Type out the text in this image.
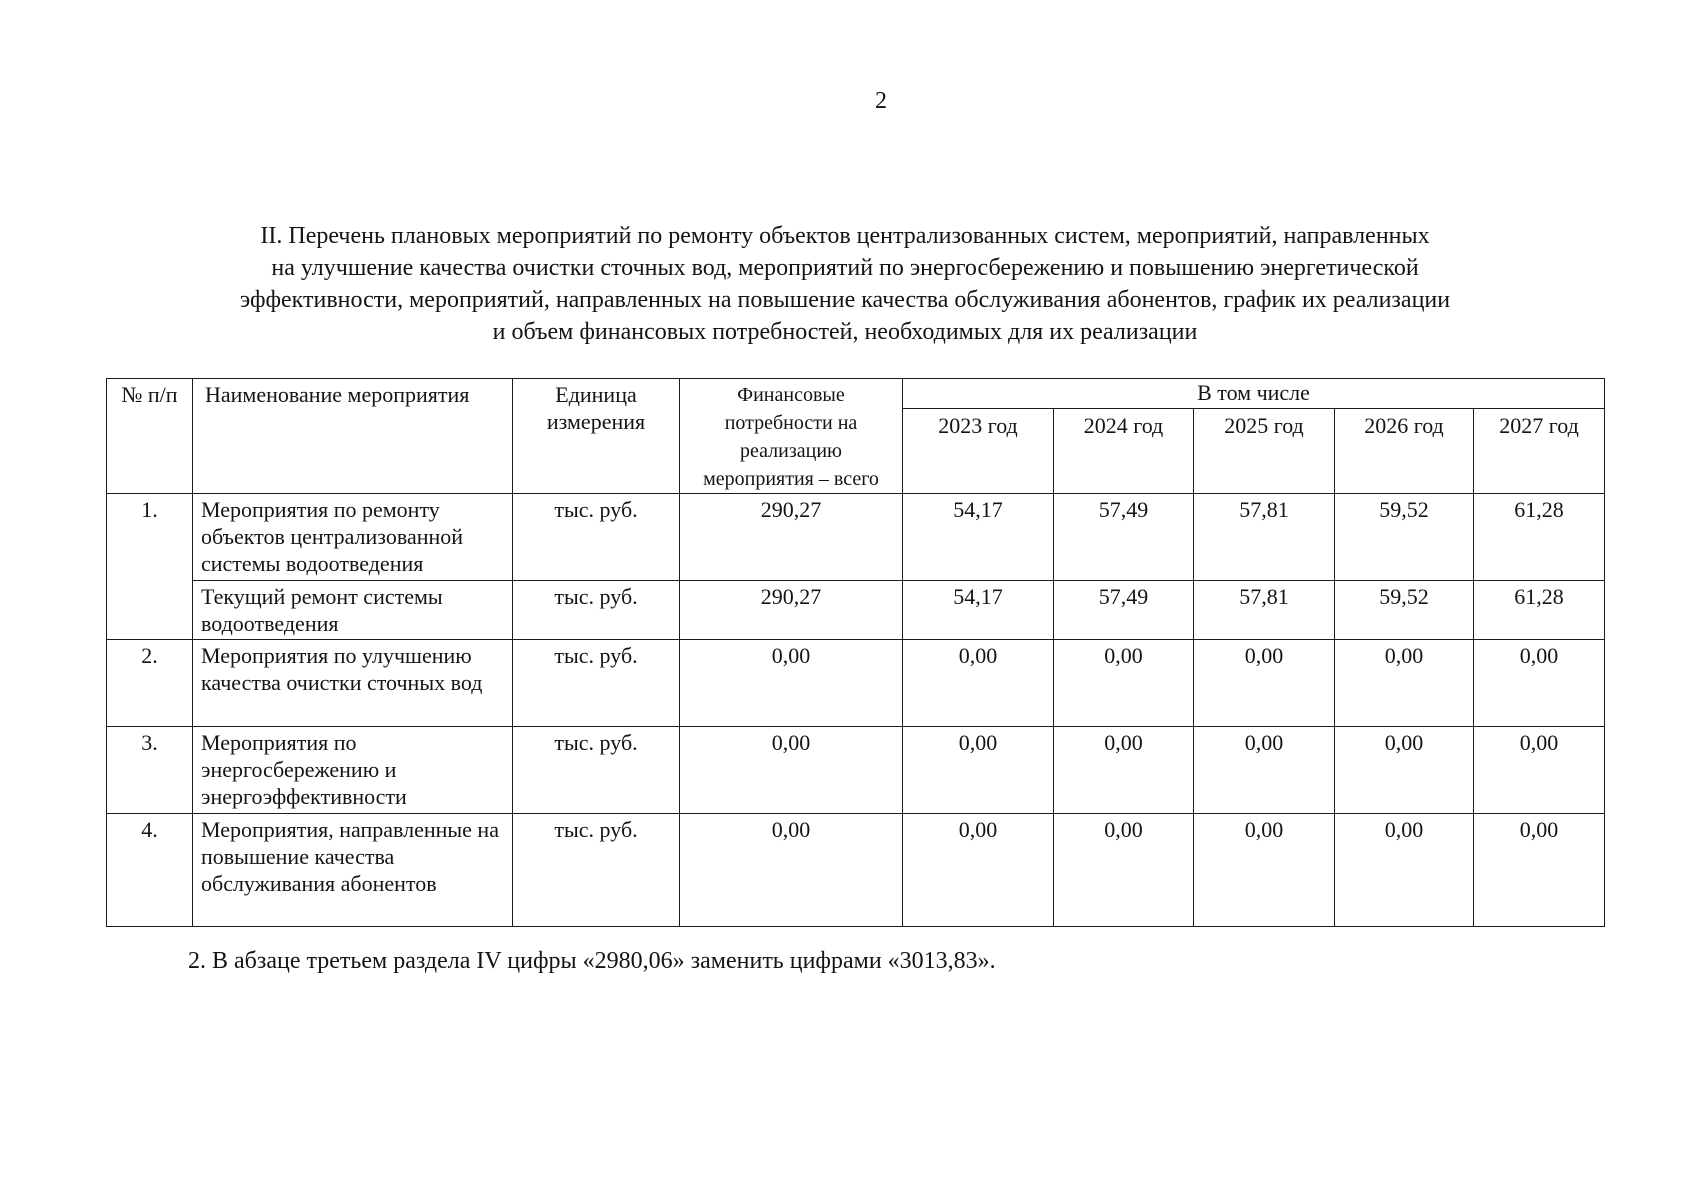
2
II. Перечень плановых мероприятий по ремонту объектов централизованных систем, мероприятий, направленных
на улучшение качества очистки сточных вод, мероприятий по энергосбережению и повышению энергетической
эффективности, мероприятий, направленных на повышение качества обслуживания абонентов, график их реализации
и объем финансовых потребностей, необходимых для их реализации
№ п/п	Наименование мероприятия	Единица измерения	Финансовые потребности на реализацию мероприятия – всего	В том числе				
				2023 год	2024 год	2025 год	2026 год	2027 год
1.	Мероприятия по ремонту объектов централизованной системы водоотведения	тыс. руб.	290,27	54,17	57,49	57,81	59,52	61,28
	Текущий ремонт системы водоотведения	тыс. руб.	290,27	54,17	57,49	57,81	59,52	61,28
2.	Мероприятия по улучшению качества очистки сточных вод	тыс. руб.	0,00	0,00	0,00	0,00	0,00	0,00
3.	Мероприятия по энергосбережению и энергоэффективности	тыс. руб.	0,00	0,00	0,00	0,00	0,00	0,00
4.	Мероприятия, направленные на повышение качества обслуживания абонентов	тыс. руб.	0,00	0,00	0,00	0,00	0,00	0,00
2. В абзаце третьем раздела IV цифры «2980,06» заменить цифрами «3013,83».
